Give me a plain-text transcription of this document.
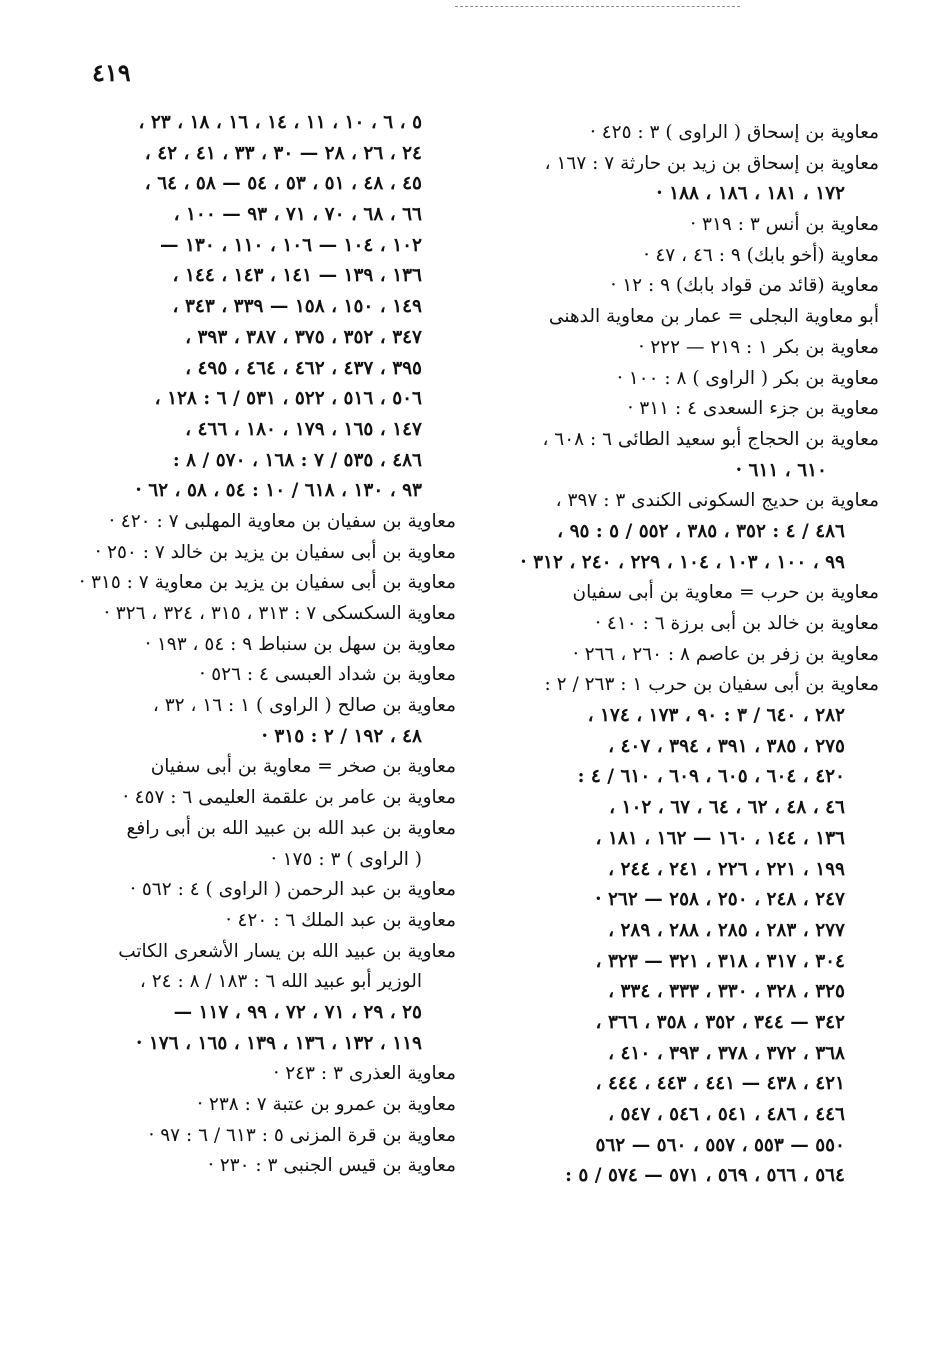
٤١٩
معاوية بن إسحاق ( الراوى ) ٣ : ٤٢٥ ·
معاوية بن إسحاق بن زيد بن حارثة ٧ : ١٦٧ ،
١٧٢ ، ١٨١ ، ١٨٦ ، ١٨٨ ·
معاوية بن أنس ٣ : ٣١٩ ·
معاوية (أخو بابك) ٩ : ٤٦ ، ٤٧ ·
معاوية (قائد من قواد بابك) ٩ : ١٢ ·
أبو معاوية البجلى = عمار بن معاوية الدهنى
معاوية بن بكر ١ : ٢١٩ — ٢٢٢ ·
معاوية بن بكر ( الراوى ) ٨ : ١٠٠ ·
معاوية بن جزء السعدى ٤ : ٣١١ ·
معاوية بن الحجاج أبو سعيد الطائى ٦ : ٦٠٨ ،
٦١٠ ، ٦١١ ·
معاوية بن حديج السكونى الكندى ٣ : ٣٩٧ ،
٤٨٦ / ٤ : ٣٥٢ ، ٣٨٥ ، ٥٥٢ / ٥ : ٩٥ ،
٩٩ ، ١٠٠ ، ١٠٣ ، ١٠٤ ، ٢٢٩ ، ٢٤٠ ، ٣١٢ ·
معاوية بن حرب = معاوية بن أبى سفيان
معاوية بن خالد بن أبى برزة ٦ : ٤١٠ ·
معاوية بن زفر بن عاصم ٨ : ٢٦٠ ، ٢٦٦ ·
معاوية بن أبى سفيان بن حرب ١ : ٢٦٣ / ٢ :
٢٨٢ ، ٦٤٠ / ٣ : ٩٠ ، ١٧٣ ، ١٧٤ ،
٢٧٥ ، ٣٨٥ ، ٣٩١ ، ٣٩٤ ، ٤٠٧ ،
٤٢٠ ، ٦٠٤ ، ٦٠٥ ، ٦٠٩ ، ٦١٠ / ٤ :
٤٦ ، ٤٨ ، ٦٢ ، ٦٤ ، ٦٧ ، ١٠٢ ،
١٣٦ ، ١٤٤ ، ١٦٠ — ١٦٢ ، ١٨١ ،
١٩٩ ، ٢٢١ ، ٢٢٦ ، ٢٤١ ، ٢٤٤ ،
٢٤٧ ، ٢٤٨ ، ٢٥٠ ، ٢٥٨ — ٢٦٢ ·
٢٧٧ ، ٢٨٣ ، ٢٨٥ ، ٢٨٨ ، ٢٨٩ ،
٣٠٤ ، ٣١٧ ، ٣١٨ ، ٣٢١ — ٣٢٣ ،
٣٢٥ ، ٣٢٨ ، ٣٣٠ ، ٣٣٣ ، ٣٣٤ ،
٣٤٢ — ٣٤٤ ، ٣٥٢ ، ٣٥٨ ، ٣٦٦ ،
٣٦٨ ، ٣٧٢ ، ٣٧٨ ، ٣٩٣ ، ٤١٠ ،
٤٢١ ، ٤٣٨ — ٤٤١ ، ٤٤٣ ، ٤٤٤ ،
٤٤٦ ، ٤٨٦ ، ٥٤١ ، ٥٤٦ ، ٥٤٧ ،
٥٥٠ — ٥٥٣ ، ٥٥٧ ، ٥٦٠ — ٥٦٢
٥٦٤ ، ٥٦٦ ، ٥٦٩ ، ٥٧١ — ٥٧٤ / ٥ :
٥ ، ٦ ، ١٠ ، ١١ ، ١٤ ، ١٦ ، ١٨ ، ٢٣ ،
٢٤ ، ٢٦ ، ٢٨ — ٣٠ ، ٣٣ ، ٤١ ، ٤٢ ،
٤٥ ، ٤٨ ، ٥١ ، ٥٣ ، ٥٤ — ٥٨ ، ٦٤ ،
٦٦ ، ٦٨ ، ٧٠ ، ٧١ ، ٩٣ — ١٠٠ ،
١٠٢ ، ١٠٤ — ١٠٦ ، ١١٠ ، ١٣٠ —
١٣٦ ، ١٣٩ — ١٤١ ، ١٤٣ ، ١٤٤ ،
١٤٩ ، ١٥٠ ، ١٥٨ — ٣٣٩ ، ٣٤٣ ،
٣٤٧ ، ٣٥٢ ، ٣٧٥ ، ٣٨٧ ، ٣٩٣ ،
٣٩٥ ، ٤٣٧ ، ٤٦٢ ، ٤٦٤ ، ٤٩٥ ،
٥٠٦ ، ٥١٦ ، ٥٢٢ ، ٥٣١ / ٦ : ١٢٨ ،
١٤٧ ، ١٦٥ ، ١٧٩ ، ١٨٠ ، ٤٦٦ ،
٤٨٦ ، ٥٣٥ / ٧ : ١٦٨ ، ٥٧٠ / ٨ :
٩٣ ، ١٣٠ ، ٦١٨ / ١٠ : ٥٤ ، ٥٨ ، ٦٢ ·
معاوية بن سفيان بن معاوية المهلبى ٧ : ٤٢٠ ·
معاوية بن أبى سفيان بن يزيد بن خالد ٧ : ٢٥٠ ·
معاوية بن أبى سفيان بن يزيد بن معاوية ٧ : ٣١٥ ·
معاوية السكسكى ٧ : ٣١٣ ، ٣١٥ ، ٣٢٤ ، ٣٢٦ ·
معاوية بن سهل بن سنباط ٩ : ٥٤ ، ١٩٣ ·
معاوية بن شداد العبسى ٤ : ٥٢٦ ·
معاوية بن صالح ( الراوى ) ١ : ١٦ ، ٣٢ ،
٤٨ ، ١٩٢ / ٢ : ٣١٥ ·
معاوية بن صخر = معاوية بن أبى سفيان
معاوية بن عامر بن علقمة العليمى ٦ : ٤٥٧ ·
معاوية بن عبد الله بن عبيد الله بن أبى رافع
( الراوى ) ٣ : ١٧٥ ·
معاوية بن عبد الرحمن ( الراوى ) ٤ : ٥٦٢ ·
معاوية بن عبد الملك ٦ : ٤٢٠ ·
معاوية بن عبيد الله بن يسار الأشعرى الكاتب
الوزير أبو عبيد الله ٦ : ١٨٣ / ٨ : ٢٤ ،
٢٥ ، ٢٩ ، ٧١ ، ٧٢ ، ٩٩ ، ١١٧ —
١١٩ ، ١٣٢ ، ١٣٦ ، ١٣٩ ، ١٦٥ ، ١٧٦ ·
معاوية العذرى ٣ : ٢٤٣ ·
معاوية بن عمرو بن عتبة ٧ : ٢٣٨ ·
معاوية بن قرة المزنى ٥ : ٦١٣ / ٦ : ٩٧ ·
معاوية بن قيس الجنبى ٣ : ٢٣٠ ·
